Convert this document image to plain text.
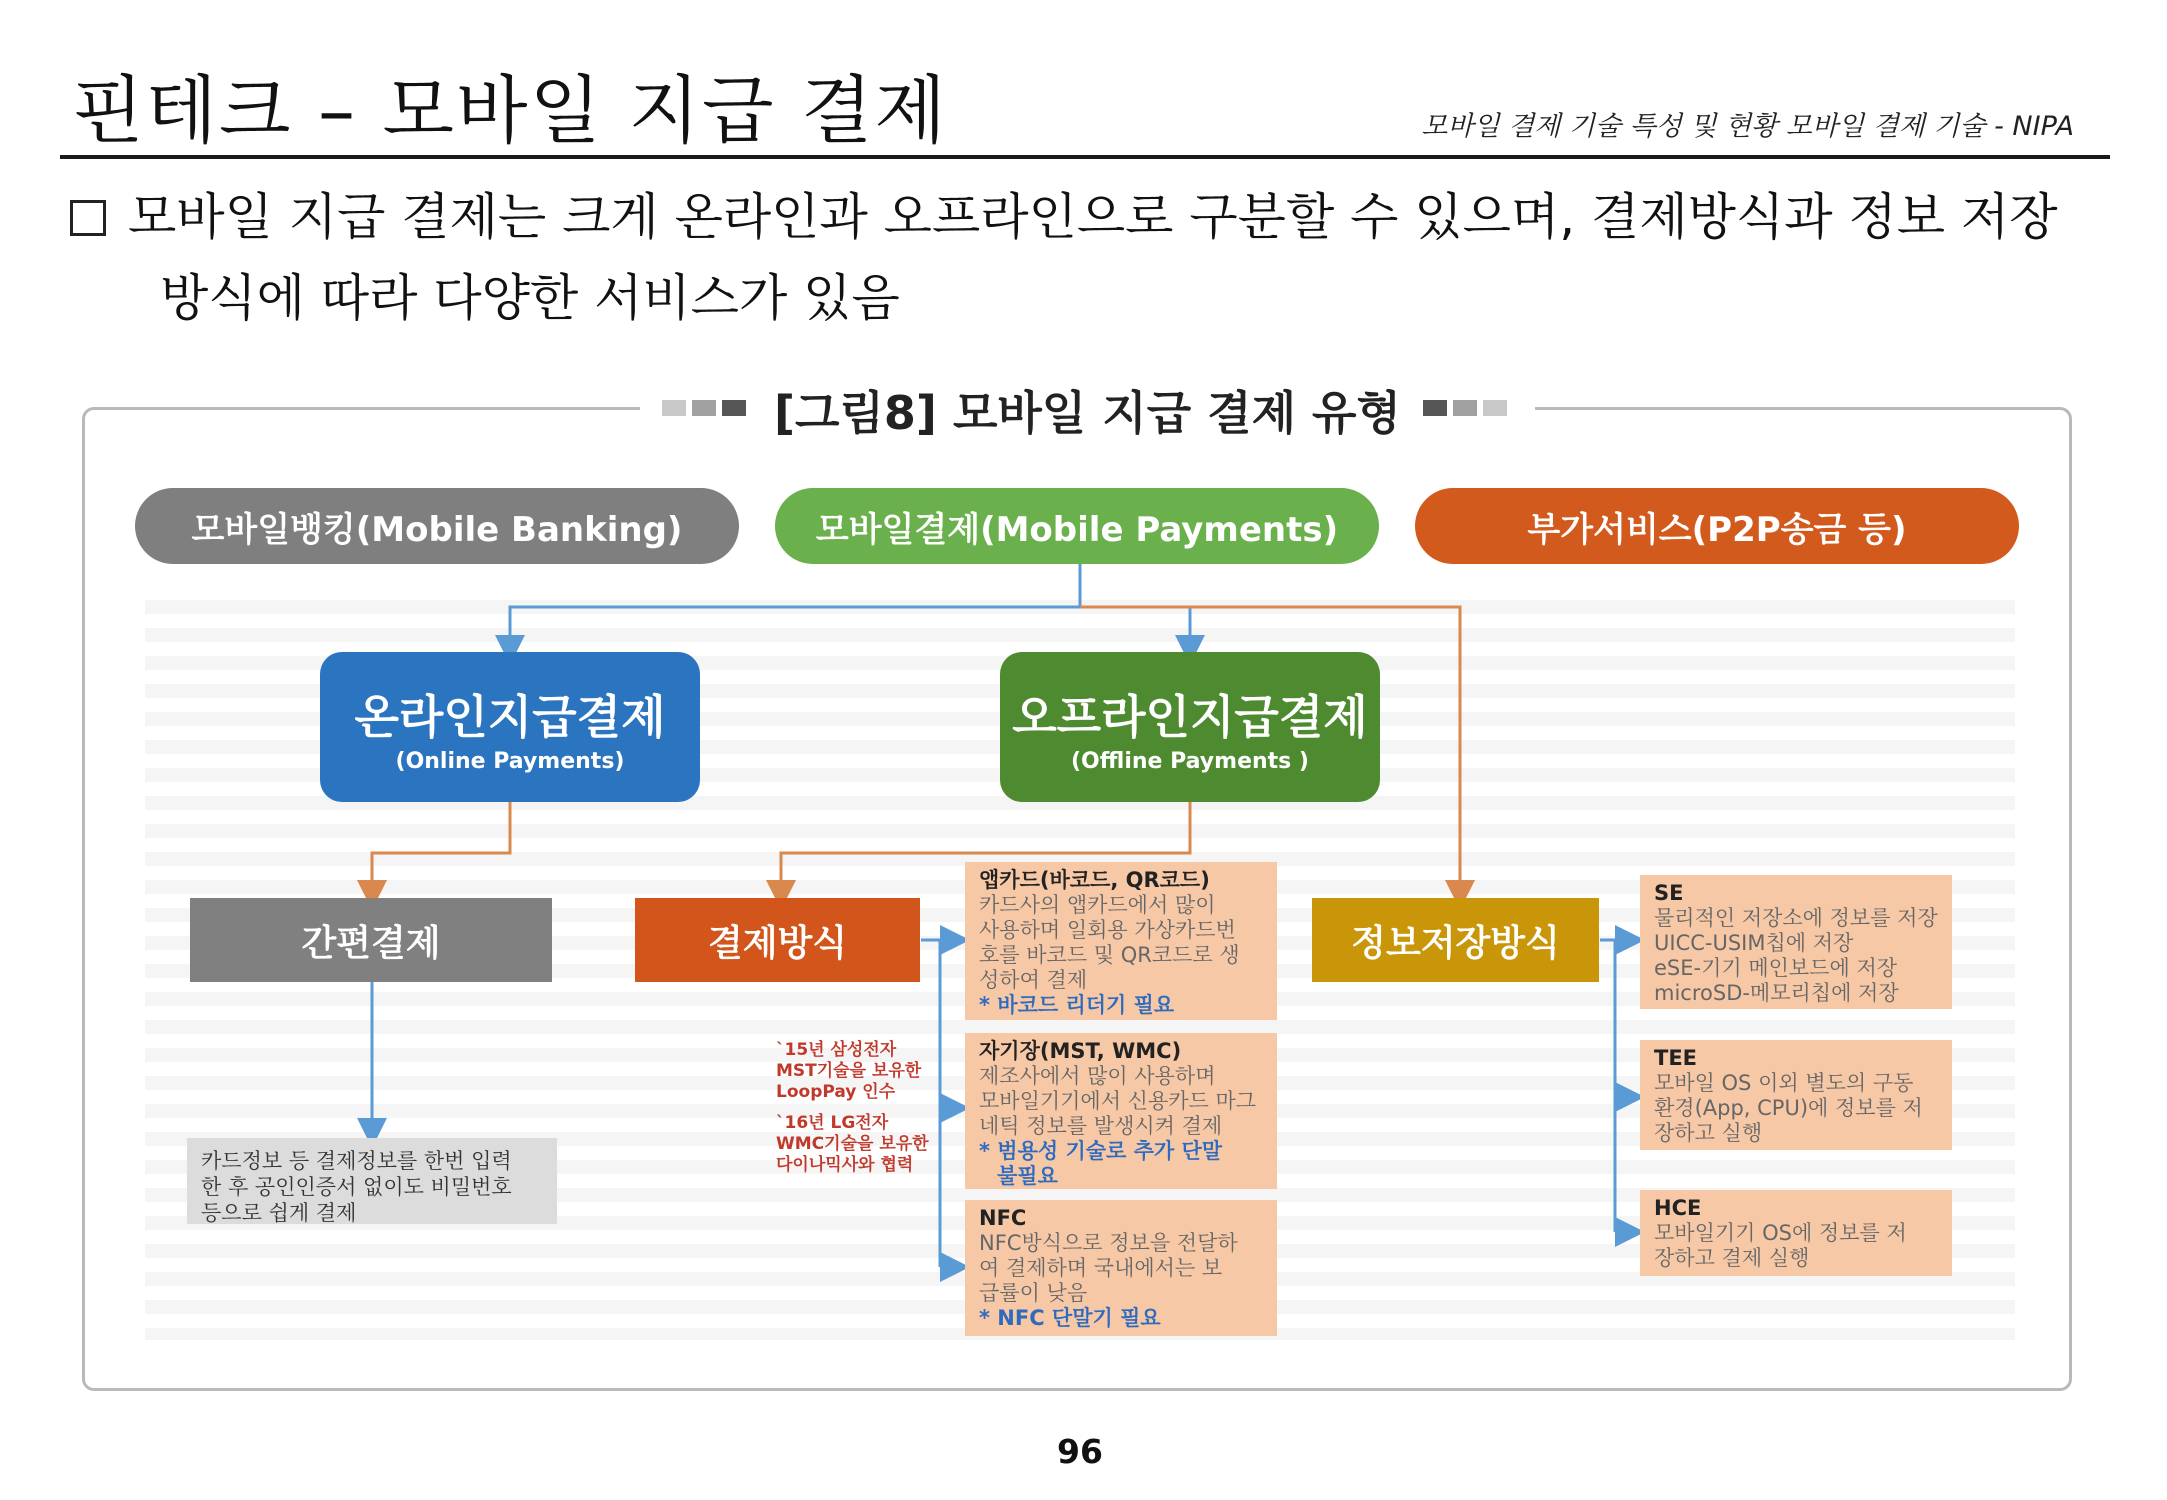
핀테크 – 모바일 지급 결제	모바일 결제 기술 특성 및 현황 모바일 결제 기술 - NIPA
모바일 지급 결제는 크게 온라인과 오프라인으로 구분할 수 있으며, 결제방식과 정보 저장
방식에 따라 다양한 서비스가 있음
[그림8] 모바일 지급 결제 유형
모바일뱅킹(Mobile Banking)	모바일결제(Mobile Payments)	부가서비스(P2P송금 등)
온라인지급결제
(Online Payments)
오프라인지급결제
(Offline Payments )
간편결제	결제방식	정보저장방식
카드정보 등 결제정보를 한번 입력
한 후 공인인증서 없이도 비밀번호
등으로 쉽게 결제
`15년 삼성전자
MST기술을 보유한
LoopPay 인수
`16년 LG전자
WMC기술을 보유한
다이나믹사와 협력
앱카드(바코드, QR코드)
카드사의 앱카드에서 많이
사용하며 일회용 가상카드번
호를 바코드 및 QR코드로 생
성하여 결제
* 바코드 리더기 필요
자기장(MST, WMC)
제조사에서 많이 사용하며
모바일기기에서 신용카드 마그
네틱 정보를 발생시켜 결제
* 범용성 기술로 추가 단말
불필요
NFC
NFC방식으로 정보을 전달하
여 결제하며 국내에서는 보
급률이 낮음
* NFC 단말기 필요
SE
물리적인 저장소에 정보를 저장
UICC-USIM칩에 저장
eSE-기기 메인보드에 저장
microSD-메모리칩에 저장
TEE
모바일 OS 이외 별도의 구동
환경(App, CPU)에 정보를 저
장하고 실행
HCE
모바일기기 OS에 정보를 저
장하고 결제 실행
96
